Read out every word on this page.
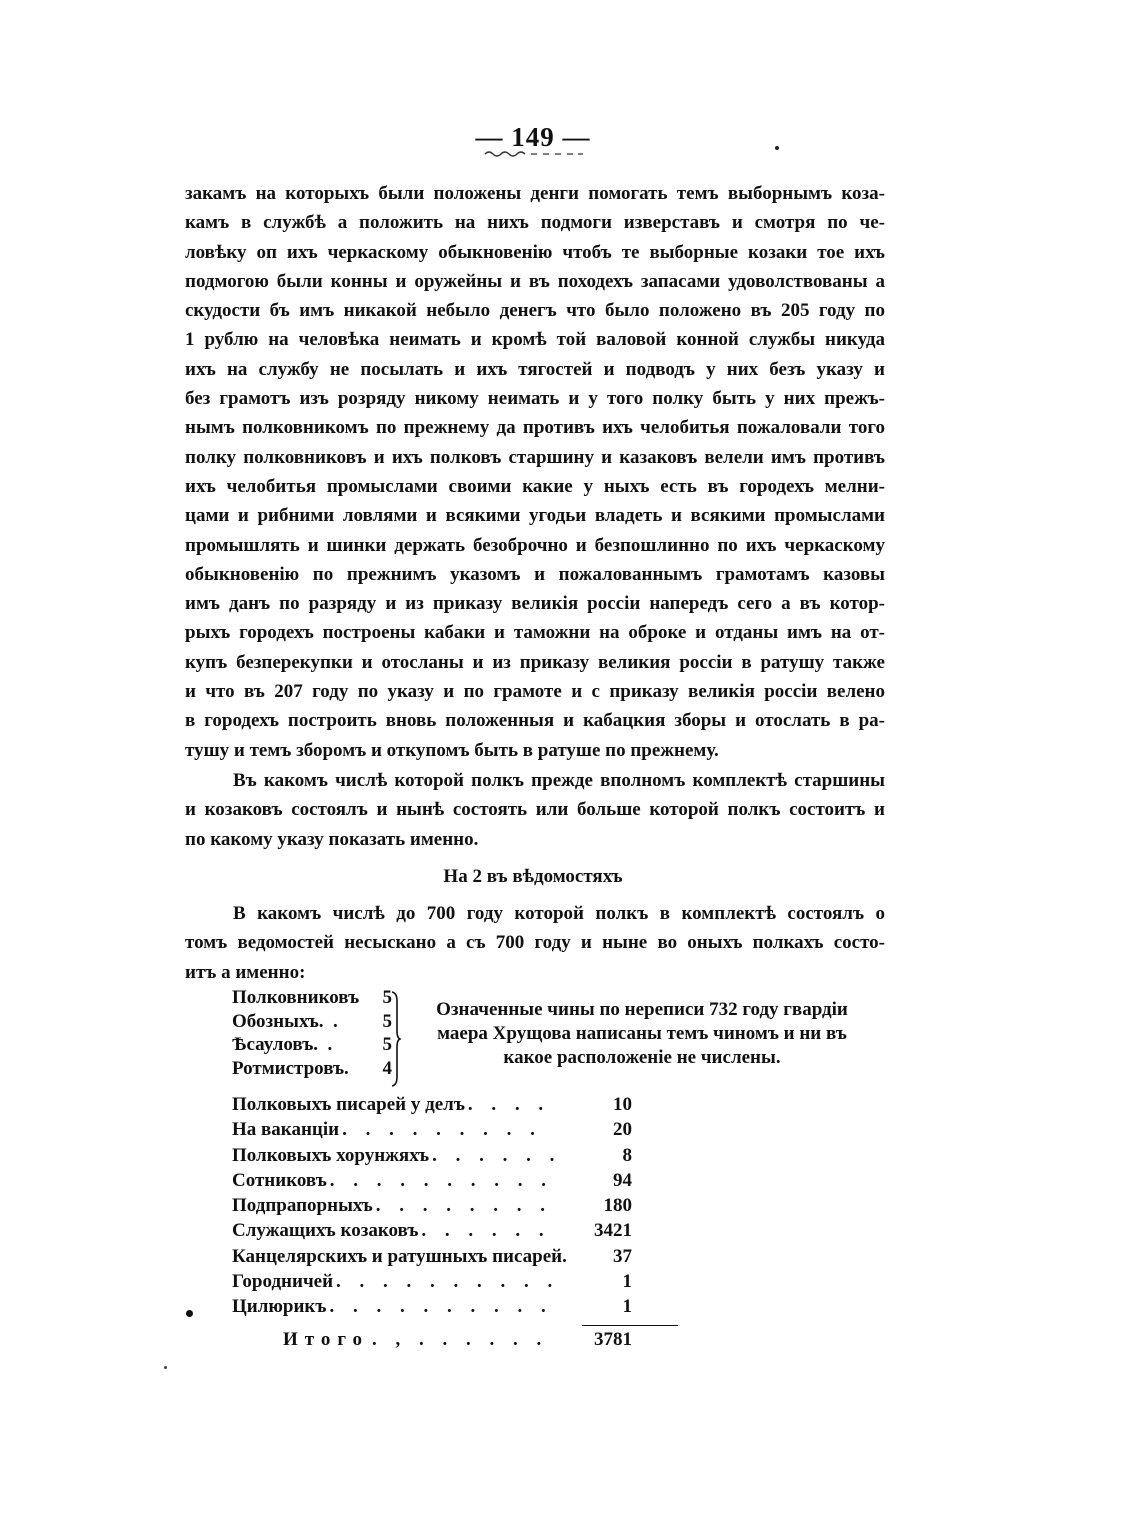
— 149 —
закамъ на которыхъ были положены денги помогать темъ выборнымъ коза-
камъ в службѣ а положить на нихъ подмоги изверставъ и смотря по че-
ловѣку оп ихъ черкаскому обыкновенiю чтобъ те выборные козаки тое ихъ
подмогою были конны и оружейны и въ походехъ запасами удоволствованы а
скудости бъ имъ никакой небыло денегъ что было положено въ 205 году по
1 рублю на человѣка неимать и кромѣ той валовой конной службы никуда
ихъ на службу не посылать и ихъ тягостей и подводъ у них безъ указу и
без грамотъ изъ розряду никому неимать и у того полку быть у них прежъ-
нымъ полковникомъ по прежнему да противъ ихъ челобитья пожаловали того
полку полковниковъ и ихъ полковъ старшину и казаковъ велели имъ противъ
ихъ челобитья промыслами своими какие у ныхъ есть въ городехъ мелни-
цами и рибними ловлями и всякими угодьи владеть и всякими промыслами
промышлять и шинки держать безоброчно и безпошлинно по ихъ черкаскому
обыкновенiю по прежнимъ указомъ и пожалованнымъ грамотамъ казовы
имъ данъ по разряду и из приказу великiя россiи напередъ сего а въ котор-
рыхъ городехъ построены кабаки и таможни на оброке и отданы имъ на от-
купъ безперекупки и отосланы и из приказу великия россiи в ратушу также
и что въ 207 году по указу и по грамоте и с приказу великiя россiи велено
в городехъ построить вновь положенныя и кабацкия зборы и отослать в ра-
тушу и темъ зборомъ и откупомъ быть в ратуше по прежнему.
Въ какомъ числѣ которой полкъ прежде вполномъ комплектѣ старшины
и козаковъ состоялъ и нынѣ состоять или больше которой полкъ состоитъ и
по какому указу показать именно.
На 2 въ вѣдомостяхъ
В какомъ числѣ до 700 году которой полкъ в комплектѣ состоялъ о
томъ ведомостей несыскано а съ 700 году и ныне во оныхъ полкахъ состо-
итъ а именно:
Полковниковъ 5
Обозныхъ.  . 5
Ѣсауловъ.  .	5
Ротмистровъ. 4
Означенные чины по нерепиcи 732 году гвардiи
маера Хрущова написаны темъ чиномъ и ни въ
какое расположенiе не числены.
Полковыхъ писарей у делъ . . . .	10
На ваканцiи . . . . . . . . .	20
Полковыхъ хорунжяхъ . . . . . .	8
Сотниковъ . . . . . . . . . .	94
Подпрапорныхъ . . . . . . . .	180
Служащихъ козаковъ . . . . . .	3421
Канцелярскихъ и ратушныхъ писарей.	37
Городничей . . . . . . . . . .	1
Цилюрикъ . . . . . . . . . .	1
Итого . , . . . . . .	3781
